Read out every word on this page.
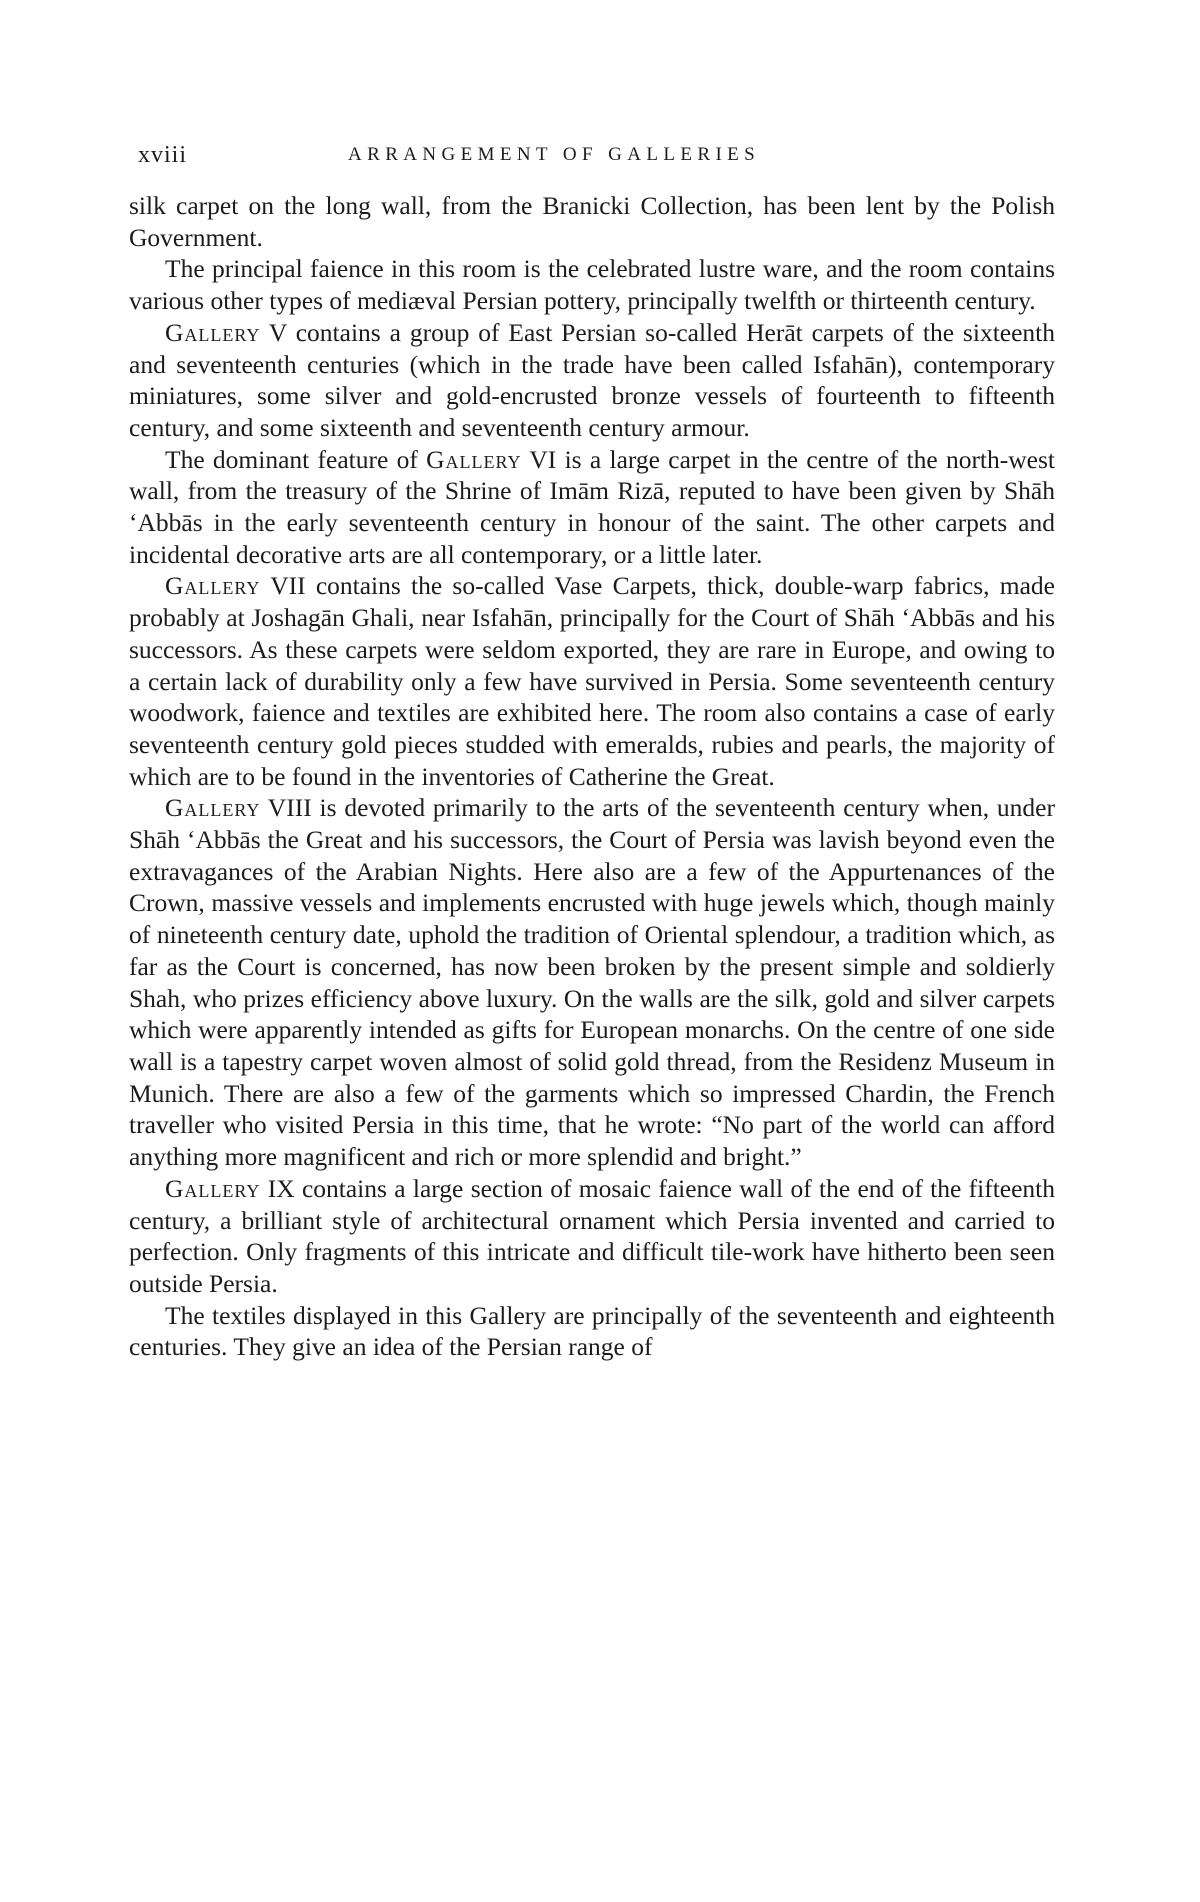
xviii	ARRANGEMENT OF GALLERIES

silk carpet on the long wall, from the Branicki Collection, has been lent by the Polish Government.

The principal faience in this room is the celebrated lustre ware, and the room contains various other types of mediæval Persian pottery, principally twelfth or thirteenth century.

Gallery V contains a group of East Persian so-called Herāt carpets of the sixteenth and seventeenth centuries (which in the trade have been called Isfahān), contemporary miniatures, some silver and gold-encrusted bronze vessels of fourteenth to fifteenth century, and some sixteenth and seventeenth century armour.

The dominant feature of Gallery VI is a large carpet in the centre of the north-west wall, from the treasury of the Shrine of Imām Rizā, reputed to have been given by Shāh ‘Abbās in the early seventeenth century in honour of the saint. The other carpets and incidental decorative arts are all contemporary, or a little later.

Gallery VII contains the so-called Vase Carpets, thick, double-warp fabrics, made probably at Joshagān Ghali, near Isfahān, principally for the Court of Shāh ‘Abbās and his successors. As these carpets were seldom exported, they are rare in Europe, and owing to a certain lack of durability only a few have survived in Persia. Some seventeenth century woodwork, faience and textiles are exhibited here. The room also contains a case of early seventeenth century gold pieces studded with emeralds, rubies and pearls, the majority of which are to be found in the inventories of Catherine the Great.

Gallery VIII is devoted primarily to the arts of the seventeenth century when, under Shāh ‘Abbās the Great and his successors, the Court of Persia was lavish beyond even the extravagances of the Arabian Nights. Here also are a few of the Appurtenances of the Crown, massive vessels and implements encrusted with huge jewels which, though mainly of nineteenth century date, uphold the tradition of Oriental splendour, a tradition which, as far as the Court is concerned, has now been broken by the present simple and soldierly Shah, who prizes efficiency above luxury. On the walls are the silk, gold and silver carpets which were apparently intended as gifts for European monarchs. On the centre of one side wall is a tapestry carpet woven almost of solid gold thread, from the Residenz Museum in Munich. There are also a few of the garments which so impressed Chardin, the French traveller who visited Persia in this time, that he wrote: “No part of the world can afford anything more magnificent and rich or more splendid and bright.”

Gallery IX contains a large section of mosaic faience wall of the end of the fifteenth century, a brilliant style of architectural ornament which Persia invented and carried to perfection. Only fragments of this intricate and difficult tile-work have hitherto been seen outside Persia.

The textiles displayed in this Gallery are principally of the seventeenth and eighteenth centuries. They give an idea of the Persian range of
